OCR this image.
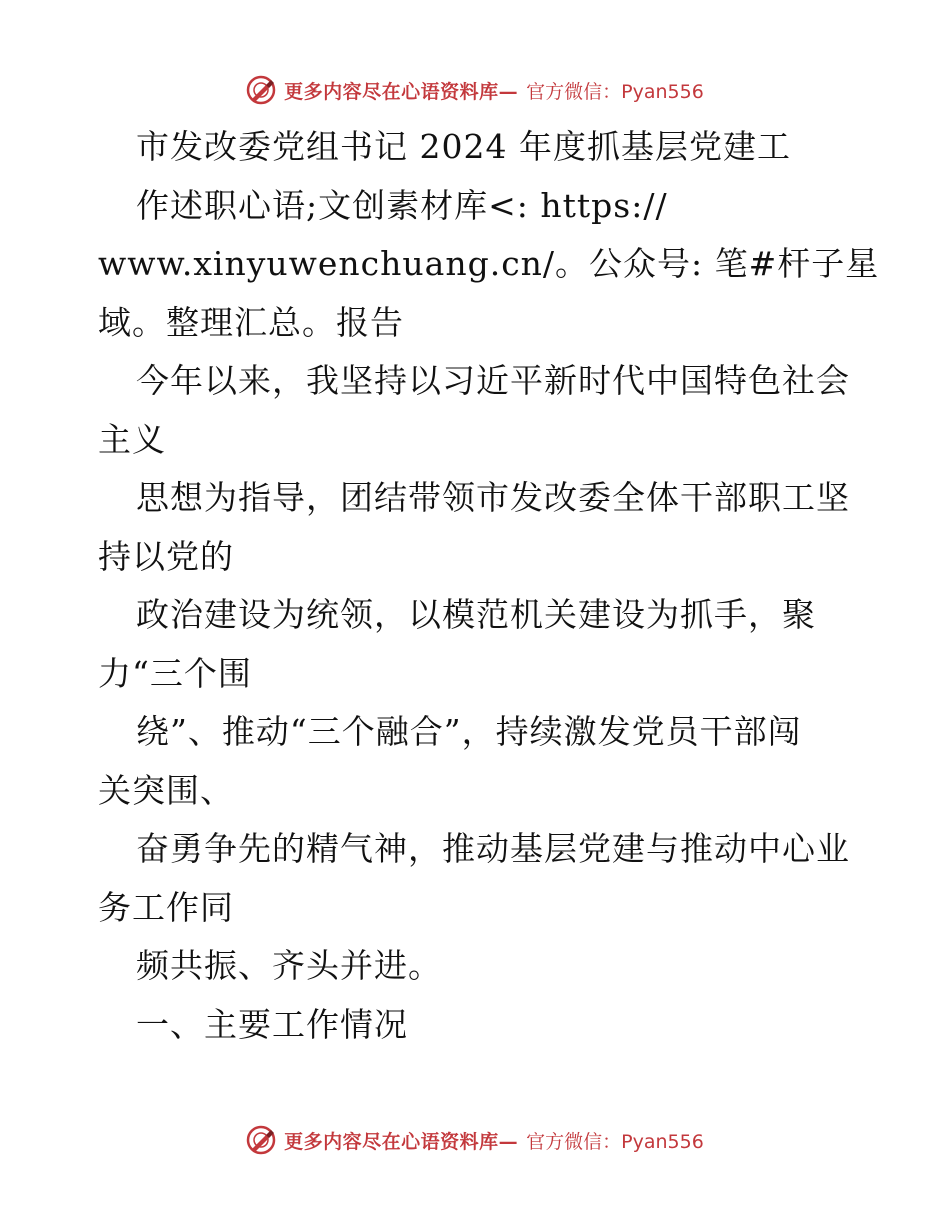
更多内容尽在心语资料库— 官方微信：Pyan556
市发改委党组书记 2024 年度抓基层党建工
作述职心语;文创素材库<: https://
www.xinyuwenchuang.cn/。公众号: 笔#杆子星
域。整理汇总。报告
今年以来，我坚持以习近平新时代中国特色社会
主义
思想为指导，团结带领市发改委全体干部职工坚
持以党的
政治建设为统领，以模范机关建设为抓手，聚
力“三个围
绕”、推动“三个融合”，持续激发党员干部闯
关突围、
奋勇争先的精气神，推动基层党建与推动中心业
务工作同
频共振、齐头并进。
一、主要工作情况
更多内容尽在心语资料库— 官方微信：Pyan556
